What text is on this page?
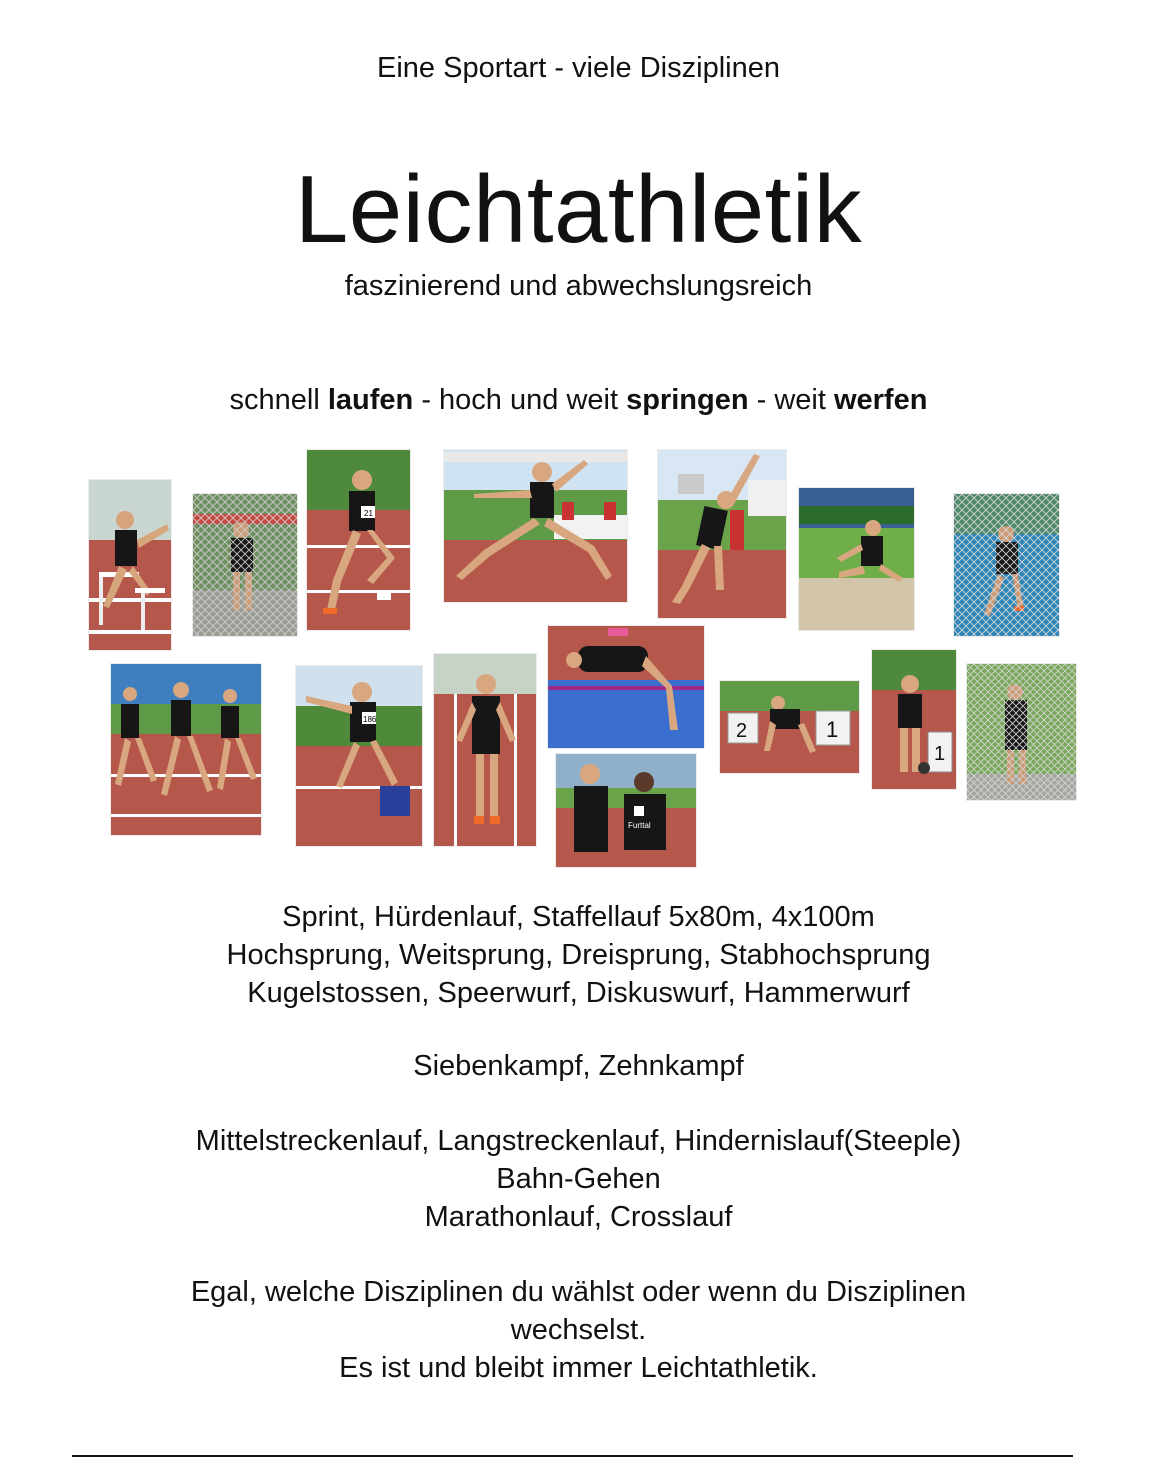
Eine Sportart - viele Disziplinen
Leichtathletik
faszinierend und abwechslungsreich
schnell laufen - hoch und weit springen - weit werfen
21
186
2	1
1
Furttal
Sprint, Hürdenlauf, Staffellauf 5x80m, 4x100m
Hochsprung, Weitsprung, Dreisprung, Stabhochsprung
Kugelstossen, Speerwurf, Diskuswurf, Hammerwurf
Siebenkampf, Zehnkampf
Mittelstreckenlauf, Langstreckenlauf, Hindernislauf(Steeple)
Bahn-Gehen
Marathonlauf, Crosslauf
Egal, welche Disziplinen du wählst oder wenn du Disziplinen
wechselst.
Es ist und bleibt immer Leichtathletik.
